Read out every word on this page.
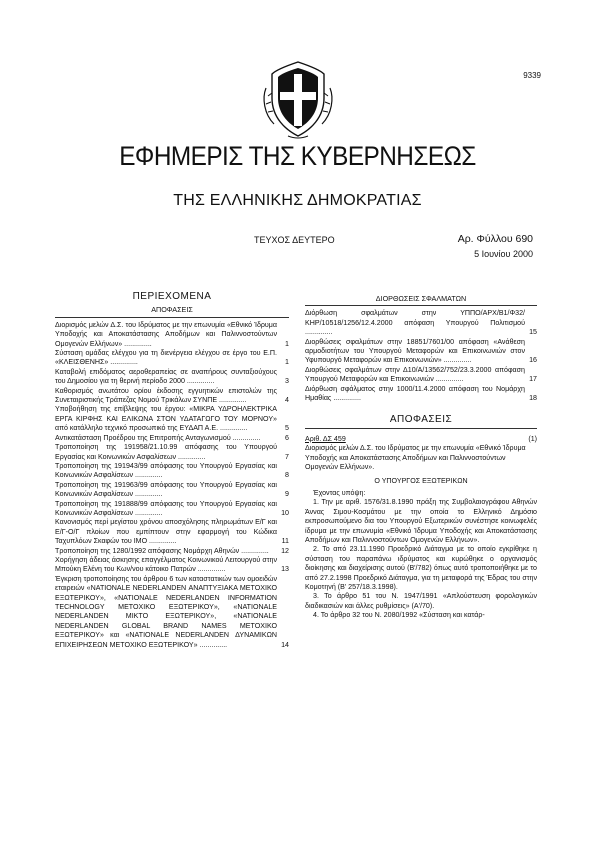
9339
ΕΦΗΜΕΡΙΣ ΤΗΣ ΚΥΒΕΡΝΗΣΕΩΣ
ΤΗΣ ΕΛΛΗΝΙΚΗΣ ΔΗΜΟΚΡΑΤΙΑΣ
ΤΕΥΧΟΣ ΔΕΥΤΕΡΟ	Αρ. Φύλλου 690
5 Ιουνίου 2000
ΠΕΡΙΕΧΟΜΕΝΑ
ΑΠΟΦΑΣΕΙΣ
Διορισμός μελών Δ.Σ. του Ιδρύματος με την επωνυμία «Εθνικό Ίδρυμα Υποδοχής και Αποκατάστασης Αποδήμων και Παλιννοστούντων Ομογενών Ελλήνων» ..............	1
Σύσταση ομάδας ελέγχου για τη διενέργεια ελέγχου σε έργο του Ε.Π. «ΚΛΕΙΣΘΕΝΗΣ» ..............	1
Καταβολή επιδόματος αεροθεραπείας σε αναπήρους συνταξιούχους του Δημοσίου για τη θερινή περίοδο 2000 ..............	3
Καθορισμός ανωτάτου ορίου έκδοσης εγγυητικών επιστολών της Συνεταιριστικής Τράπεζας Νομού Τρικάλων ΣΥΝΠΕ ..............	4
Υποβοήθηση της επίβλεψης του έργου: «ΜΙΚΡΑ ΥΔΡΟΗΛΕΚΤΡΙΚΑ ΕΡΓΑ ΚΙΡΦΗΣ ΚΑΙ ΕΛΙΚΩΝΑ ΣΤΟΝ ΥΔΑΤΑΓΩΓΟ ΤΟΥ ΜΟΡΝΟΥ» από κατάλληλο τεχνικό προσωπικό της ΕΥΔΑΠ Α.Ε. ..............	5
Αντικατάσταση Προέδρου της Επιτροπής Ανταγωνισμού ..............	6
Τροποποίηση της 191958/21.10.99 απόφασης του Υπουργού Εργασίας και Κοινωνικών Ασφαλίσεων ..............	7
Τροποποίηση της 191943/99 απόφασης του Υπουργού Εργασίας και Κοινωνικών Ασφαλίσεων ..............	8
Τροποποίηση της 191963/99 απόφασης του Υπουργού Εργασίας και Κοινωνικών Ασφαλίσεων ..............	9
Τροποποίηση της 191888/99 απόφασης του Υπουργού Εργασίας και Κοινωνικών Ασφαλίσεων ..............	10
Κανονισμός περί μεγίστου χρόνου αποσχόλησης πληρωμάτων Ε/Γ και Ε/Γ-Ο/Γ πλοίων που εμπίπτουν στην εφαρμογή του Κώδικα Ταχυπλόων Σκαφών του ΙΜΟ ..............	11
Τροποποίηση της 1280/1992 απόφασης Νομάρχη Αθηνών ..............	12
Χορήγηση άδειας άσκησης επαγγέλματος Κοινωνικού Λειτουργού στην Μπούκη Ελένη του Κων/νου κάτοικο Πατρών ..............	13
Έγκριση τροποποίησης του άρθρου 6 των καταστατικών των ομοειδών εταιρειών «NATIONALE NEDERLANDEN ΑΝΑΠΤΥΞΙΑΚΑ ΜΕΤΟΧΙΚΟ ΕΞΩΤΕΡΙΚΟΥ», «NATIONALE NEDERLANDEN INFORMATION TECHNOLOGY ΜΕΤΟΧΙΚΟ ΕΞΩΤΕΡΙΚΟΥ», «NATIONALE NEDERLANDEN ΜΙΚΤΟ ΕΞΩΤΕΡΙΚΟΥ», «NATIONALE NEDERLANDEN GLOBAL BRAND NAMES ΜΕΤΟΧΙΚΟ ΕΞΩΤΕΡΙΚΟΥ» και «NATIONALE NEDERLANDEN ΔΥΝΑΜΙΚΩΝ ΕΠΙΧΕΙΡΗΣΕΩΝ ΜΕΤΟΧΙΚΟ ΕΞΩΤΕΡΙΚΟΥ» ..............	14
ΔΙΟΡΘΩΣΕΙΣ ΣΦΑΛΜΑΤΩΝ
Διόρθωση σφαλμάτων στην ΥΠΠΟ/ΑΡΧ/Β1/Φ32/ΚΗΡ/10518/1256/12.4.2000 απόφαση Υπουργού Πολιτισμού ..............	15
Διορθώσεις σφαλμάτων στην 18851/7601/00 απόφαση «Ανάθεση αρμοδιοτήτων του Υπουργού Μεταφορών και Επικοινωνιών στον Υφυπουργό Μεταφορών και Επικοινωνιών» ..............	16
Διορθώσεις σφαλμάτων στην Δ10/Α/13562/752/23.3.2000 απόφαση Υπουργού Μεταφορών και Επικοινωνιών ..............	17
Διόρθωση σφάλματος στην 1000/11.4.2000 απόφαση του Νομάρχη Ημαθίας ..............	18
ΑΠΟΦΑΣΕΙΣ
Αριθ. ΔΣ 459	(1)
Διορισμός μελών Δ.Σ. του Ιδρύματος με την επωνυμία «Εθνικό Ίδρυμα Υποδοχής και Αποκατάστασης Αποδήμων και Παλιννοστούντων Ομογενών Ελλήνων».
Ο ΥΠΟΥΡΓΟΣ ΕΞΩΤΕΡΙΚΩΝ
Έχοντας υπόψη:
1. Την με αριθ. 1576/31.8.1990 πράξη της Συμβολαιογράφου Αθηνών Άννας Σιμου-Κοσμάτου με την οποία το Ελληνικό Δημόσιο εκπροσωπούμενο δια του Υπουργού Εξωτερικών συνέστησε κοινωφελές ίδρυμα με την επωνυμία «Εθνικό Ίδρυμα Υποδοχής και Αποκατάστασης Αποδήμων και Παλιννοστούντων Ομογενών Ελλήνων».
2. Το από 23.11.1990 Προεδρικό Διάταγμα με το οποίο εγκρίθηκε η σύσταση του παραπάνω ιδρύματος και κυρώθηκε ο οργανισμός διοίκησης και διαχείρισης αυτού (Β'/782) όπως αυτό τροποποιήθηκε με το από 27.2.1998 Προεδρικό Διάταγμα, για τη μεταφορά της Έδρας του στην Κομοτηνή (Β' 257/18.3.1998).
3. Το άρθρο 51 του Ν. 1947/1991 «Απλούστευση φορολογικών διαδικασιών και άλλες ρυθμίσεις» (Α'/70).
4. Το άρθρο 32 του Ν. 2080/1992 «Σύσταση και κατάρ-
